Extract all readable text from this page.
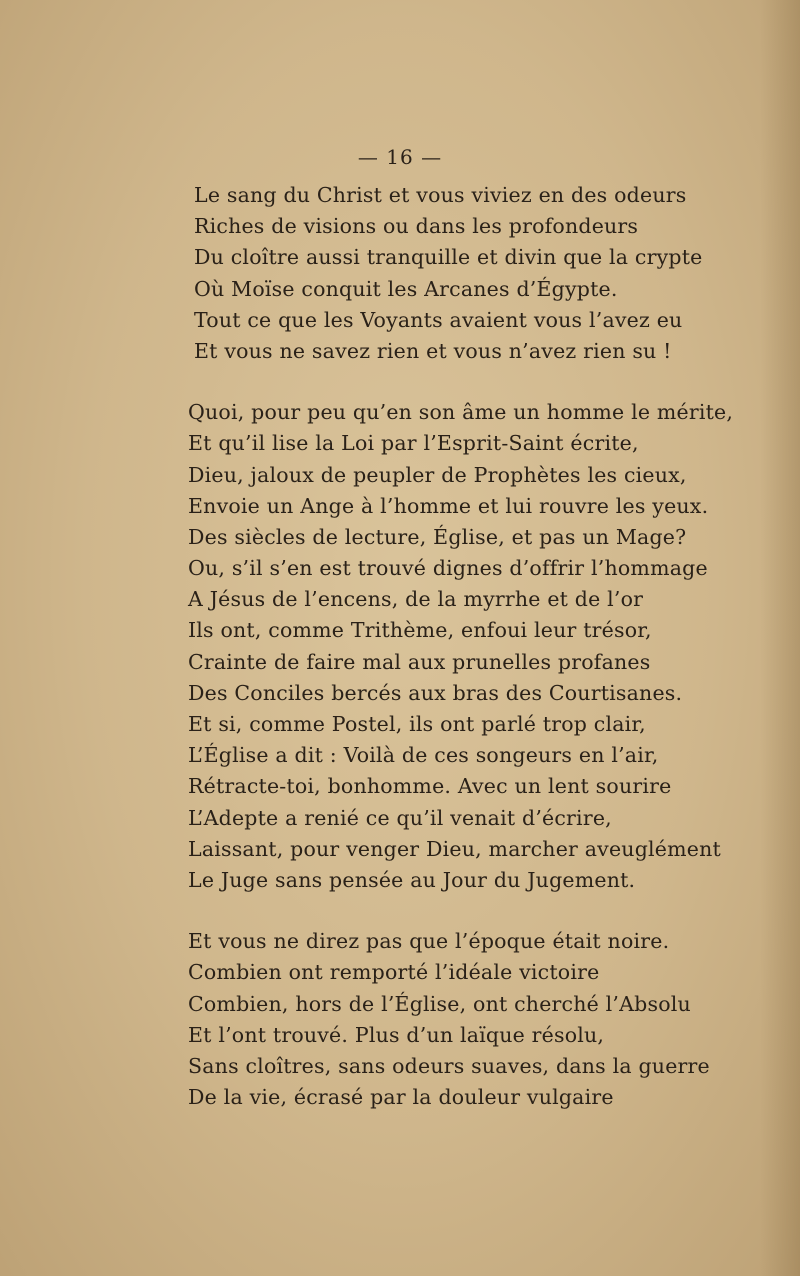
— 16 —
Le sang du Christ et vous viviez en des odeurs
Riches de visions ou dans les profondeurs
Du cloître aussi tranquille et divin que la crypte
Où Moïse conquit les Arcanes d’Égypte.
Tout ce que les Voyants avaient vous l’avez eu
Et vous ne savez rien et vous n’avez rien su !
Quoi, pour peu qu’en son âme un homme le mérite,
Et qu’il lise la Loi par l’Esprit-Saint écrite,
Dieu, jaloux de peupler de Prophètes les cieux,
Envoie un Ange à l’homme et lui rouvre les yeux.
Des siècles de lecture, Église, et pas un Mage?
Ou, s’il s’en est trouvé dignes d’offrir l’hommage
A Jésus de l’encens, de la myrrhe et de l’or
Ils ont, comme Trithème, enfoui leur trésor,
Crainte de faire mal aux prunelles profanes
Des Conciles bercés aux bras des Courtisanes.
Et si, comme Postel, ils ont parlé trop clair,
L’Église a dit : Voilà de ces songeurs en l’air,
Rétracte-toi, bonhomme. Avec un lent sourire
L’Adepte a renié ce qu’il venait d’écrire,
Laissant, pour venger Dieu, marcher aveuglément
Le Juge sans pensée au Jour du Jugement.
Et vous ne direz pas que l’époque était noire.
Combien ont remporté l’idéale victoire
Combien, hors de l’Église, ont cherché l’Absolu
Et l’ont trouvé. Plus d’un laïque résolu,
Sans cloîtres, sans odeurs suaves, dans la guerre
De la vie, écrasé par la douleur vulgaire
